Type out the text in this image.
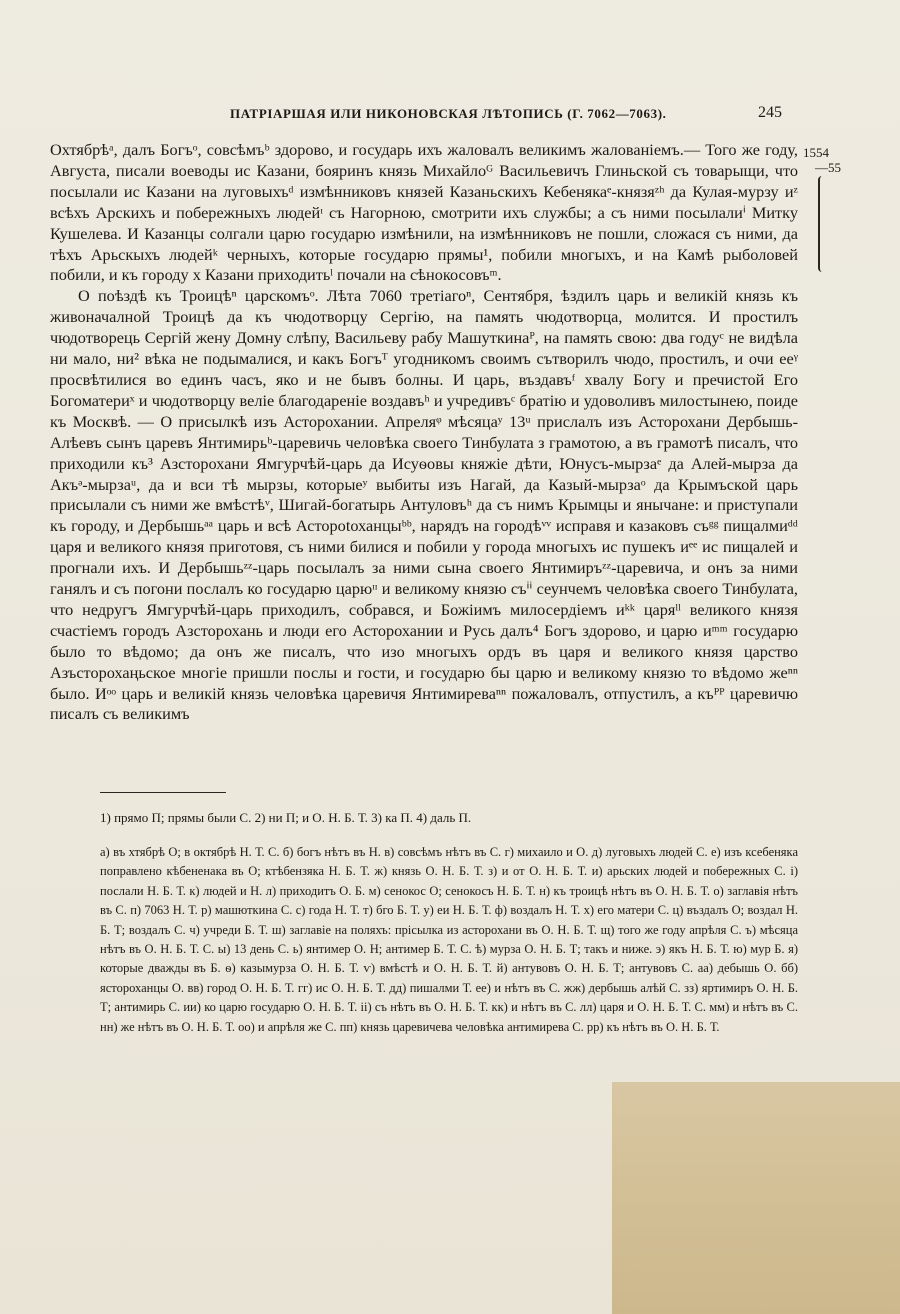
ПАТРІАРШАЯ ИЛИ НИКОНОВСКАЯ ЛѢТОПИСЬ (Г. 7062—7063).	245
1554
—55

Охтябрѣᵃ, далъ Богъᵒ, совсѣмъᵇ здорово, и государь ихъ жаловалъ великимъ жалованіемъ.— Того же году, Августа, писали воеводы ис Казани, бояринъ князь Михайлоᴳ Васильевичъ Глиньской съ товарыщи, что посылали ис Казани на луговыхъᵈ измѣнниковъ князей Казаньскихъ Кебенякаᵉ-князяᶻʰ да Кулая-мурзу иᶻ всѣхъ Арскихъ и побережныхъ людейᶦ съ Нагорною, смотрити ихъ службы; а съ ними посылалиⁱ Митку Кушелева. И Казанцы солгали царю государю измѣнили, на измѣнниковъ не пошли, сложася съ ними, да тѣхъ Арьскыхъ людейᵏ черныхъ, которые государю прямы¹, побили многыхъ, и на Камѣ рыболовей побили, и къ городу х Казани приходитьˡ почали на сѣнокосовъᵐ.

О поѣздѣ къ Троицѣⁿ царскомъᵒ. Лѣта 7060 третіагоⁿ, Сентября, ѣздилъ царь и великій князь къ живоначалной Троицѣ да къ чюдотворцу Сергію, на память чюдотворца, молится. И простилъ чюдотворець Сергій жену Домну слѣпу, Васильеву рабу Машуткинаᴾ, на память свою: два годуᶜ не видѣла ни мало, ни² вѣка не подымалися, и какъ Богъᵀ угодникомъ своимъ сътворилъ чюдо, простилъ, и очи ееᵞ просвѣтилися во единъ часъ, яко и не бывъ болны. И царь, въздавъᶠ хвалу Богу и пречистой Его Богоматериˣ и чюдотворцу веліе благодареніе воздавъʰ и учредивъᶜ братію и удоволивъ милостынею, поиде къ Москвѣ. — О присылкѣ изъ Асторохании. Апреляᵠ мѣсяцаʸ 13ᵘ прислалъ изъ Асторохани Дербышь-Алѣевъ сынъ царевъ Янтимирьᵇ-царевичь человѣка своего Тинбулата з грамотою, а въ грамотѣ писалъ, что приходили къ³ Азсторохани Ямгурчѣй-царь да Исуѳовы княжіе дѣти, Юнусъ-мырзаᵉ да Алей-мырза да Акъᵊ-мырзаᵘ, да и вси тѣ мырзы, которыеʸ выбиты изъ Нагай, да Казый-мырзаᵒ да Крымъской царь присылали съ ними же вмѣстѣᵛ, Шигай-богатырь Антуловъʰ да съ нимъ Крымцы и янычане: и приступали къ городу, и Дербышьᵃᵃ царь и всѣ Асторotоханцыᵇᵇ, нарядъ на городѣᵛᵛ исправя и казаковъ съᵍᵍ пищалмиᵈᵈ царя и великого князя приготовя, съ ними билися и побили у города многыхъ ис пушекъ иᵉᵉ ис пищалей и прогнали ихъ. И Дербышьᶻᶻ-царь посылалъ за ними сына своего Янтимиръᶻᶻ-царевича, и онъ за ними ганялъ и съ погони послалъ ко государю царюᶦᶦ и великому князю съⁱⁱ сеунчемъ человѣка своего Тинбулата, что недругъ Ямгурчѣй-царь приходилъ, собрався, и Божіимъ милосердіемъ иᵏᵏ царяˡˡ великого князя счастіемъ городъ Азсторохань и люди его Асторохании и Русь далъ⁴ Богъ здорово, и царю иᵐᵐ государю было то вѣдомо; да онъ же писалъ, что изо многыхъ ордъ въ царя и великого князя царство Азъсторохаңьское многіе пришли послы и гости, и государю бы царю и великому князю то вѣдомо жеⁿⁿ было. Иᵒᵒ царь и великій князь человѣка царевичя Янтимиреваⁿⁿ пожаловалъ, отпустилъ, а къᴾᴾ царевичю писалъ съ великимъ

1) прямо П; прямы были С. 2) ни П; и О. Н. Б. Т. 3) ка П. 4) даль П.
а) въ хтябрѣ О; в октябрѣ Н. Т. С. б) богъ нѣтъ въ Н. в) совсѣмъ нѣтъ въ С. г) михаило и О. д) луговыхъ людей С. е) изъ ксебеняка поправлено кѣбененака въ О; ктѣбензяка Н. Б. Т. ж) князь О. Н. Б. Т. з) и от О. Н. Б. Т. и) арьских людей и побережных С. і) послали Н. Б. Т. к) людей и Н. л) приходитъ О. Б. м) сенокос О; сенокосъ Н. Б. Т. н) къ троицѣ нѣтъ въ О. Н. Б. Т. о) заглавія нѣтъ въ С. п) 7063 Н. Т. р) машюткина С. с) года Н. Т. т) бго Б. Т. у) еи Н. Б. Т. ф) воздалъ Н. Т. х) его матери С. ц) въздалъ О; воздал Н. Б. Т; воздалъ С. ч) учреди Б. Т. ш) заглавіе на поляхъ: прісылка из асторохани въ О. Н. Б. Т. щ) того же году апрѣля С. ъ) мѣсяца нѣтъ въ О. Н. Б. Т. С. ы) 13 день С. ь) янтимер О. Н; антимер Б. Т. С. ѣ) мурза О. Н. Б. Т; такъ и ниже. э) якъ Н. Б. Т. ю) мур Б. я) которые дважды въ Б. ѳ) казымурза О. Н. Б. Т. ѵ) вмѣстѣ и О. Н. Б. Т. й) антувовъ О. Н. Б. Т; антувовъ С. аа) дебышь О. бб) ястороханцы О. вв) город О. Н. Б. Т. гг) ис О. Н. Б. Т. дд) пишалми Т. ее) и нѣтъ въ С. жж) дербышь алѣй С. зз) яртимиръ О. Н. Б. Т; антимирь С. ии) ко царю государю О. Н. Б. Т. іі) съ нѣтъ въ О. Н. Б. Т. кк) и нѣтъ въ С. лл) царя и О. Н. Б. Т. С. мм) и нѣтъ въ С. нн) же нѣтъ въ О. Н. Б. Т. оо) и апрѣля же С. пп) князь царевичева человѣка антимирева С. рр) къ нѣтъ въ О. Н. Б. Т.
